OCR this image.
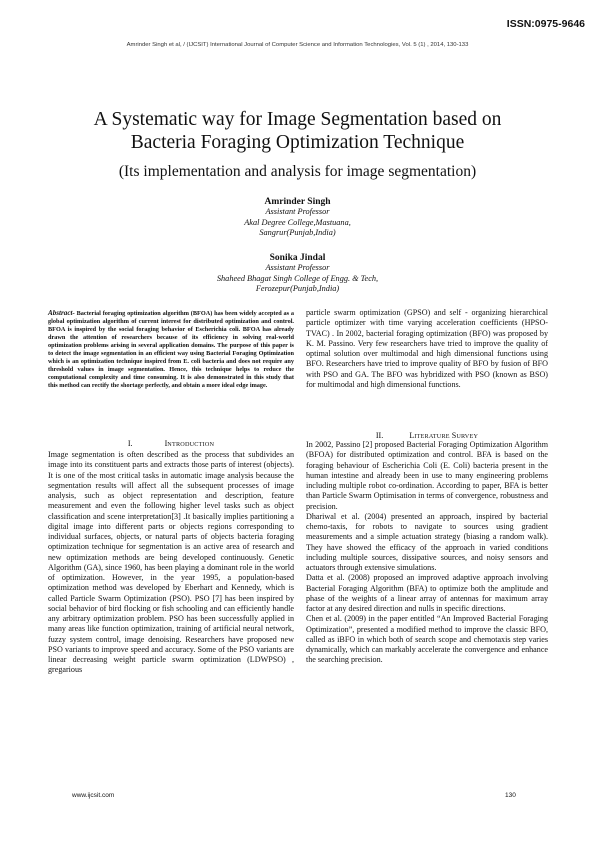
ISSN:0975-9646
Amrinder Singh et al, / (IJCSIT) International Journal of Computer Science and Information Technologies, Vol. 5 (1) , 2014, 130-133
A Systematic way for Image Segmentation based on
Bacteria Foraging Optimization Technique
(Its implementation and analysis for image segmentation)
Amrinder Singh
Assistant Professor
Akal Degree College,Mastuana,
Sangrur(Punjab,India)
Sonika Jindal
Assistant Professor
Shaheed Bhagat Singh College of Engg. & Tech,
Ferozepur(Punjab,India)
Abstract- Bacterial foraging optimization algorithm (BFOA) has been widely accepted as a global optimization algorithm of current interest for distributed optimization and control. BFOA is inspired by the social foraging behavior of Escherichia coli. BFOA has already drawn the attention of researchers because of its efficiency in solving real-world optimization problems arising in several application domains. The purpose of this paper is to detect the image segmentation in an efficient way using Bacterial Foraging Optimization which is an optimization technique inspired from E. coli bacteria and does not require any threshold values in image segmentation. Hence, this technique helps to reduce the computational complexity and time consuming. It is also demonstrated in this study that this method can rectify the shortage perfectly, and obtain a more ideal edge image.
I.	INTRODUCTION

Image segmentation is often described as the process that subdivides an image into its constituent parts and extracts those parts of interest (objects). It is one of the most critical tasks in automatic image analysis because the segmentation results will affect all the subsequent processes of image analysis, such as object representation and description, feature measurement and even the following higher level tasks such as object classification and scene interpretation[3] .It basically implies partitioning a digital image into different parts or objects regions corresponding to individual surfaces, objects, or natural parts of objects bacteria foraging optimization technique for segmentation is an active area of research and new optimization methods are being developed continuously. Genetic Algorithm (GA), since 1960, has been playing a dominant role in the world of optimization. However, in the year 1995, a population-based optimization method was developed by Eberhart and Kennedy, which is called Particle Swarm Optimization (PSO). PSO [7] has been inspired by social behavior of bird flocking or fish schooling and can efficiently handle any arbitrary optimization problem. PSO has been successfully applied in many areas like function optimization, training of artificial neural network, fuzzy system control, image denoising. Researchers have proposed new PSO variants to improve speed and accuracy. Some of the PSO variants are linear decreasing weight particle swarm optimization (LDWPSO) , gregarious

particle swarm optimization (GPSO) and self - organizing hierarchical particle optimizer with time varying acceleration coefficients (HPSO-TVAC) . In 2002, bacterial foraging optimization (BFO) was proposed by K. M. Passino. Very few researchers have tried to improve the quality of optimal solution over multimodal and high dimensional functions using BFO. Researchers have tried to improve quality of BFO by fusion of BFO with PSO and GA. The BFO was hybridized with PSO (known as BSO) for multimodal and high dimensional functions.

II.	LITERATURE SURVEY

In 2002, Passino [2] proposed Bacterial Foraging Optimization Algorithm (BFOA) for distributed optimization and control. BFA is based on the foraging behaviour of Escherichia Coli (E. Coli) bacteria present in the human intestine and already been in use to many engineering problems including multiple robot co-ordination. According to paper, BFA is better than Particle Swarm Optimisation in terms of convergence, robustness and precision.

Dhariwal et al. (2004) presented an approach, inspired by bacterial chemo-taxis, for robots to navigate to sources using gradient measurements and a simple actuation strategy (biasing a random walk). They have showed the efficacy of the approach in varied conditions including multiple sources, dissipative sources, and noisy sensors and actuators through extensive simulations.

Datta et al. (2008) proposed an improved adaptive approach involving Bacterial Foraging Algorithm (BFA) to optimize both the amplitude and phase of the weights of a linear array of antennas for maximum array factor at any desired direction and nulls in specific directions.

Chen et al. (2009) in the paper entitled “An Improved Bacterial Foraging Optimization”, presented a modified method to improve the classic BFO, called as iBFO in which both of search scope and chemotaxis step varies dynamically, which can markably accelerate the convergence and enhance the searching precision.

www.ijcsit.com	130
